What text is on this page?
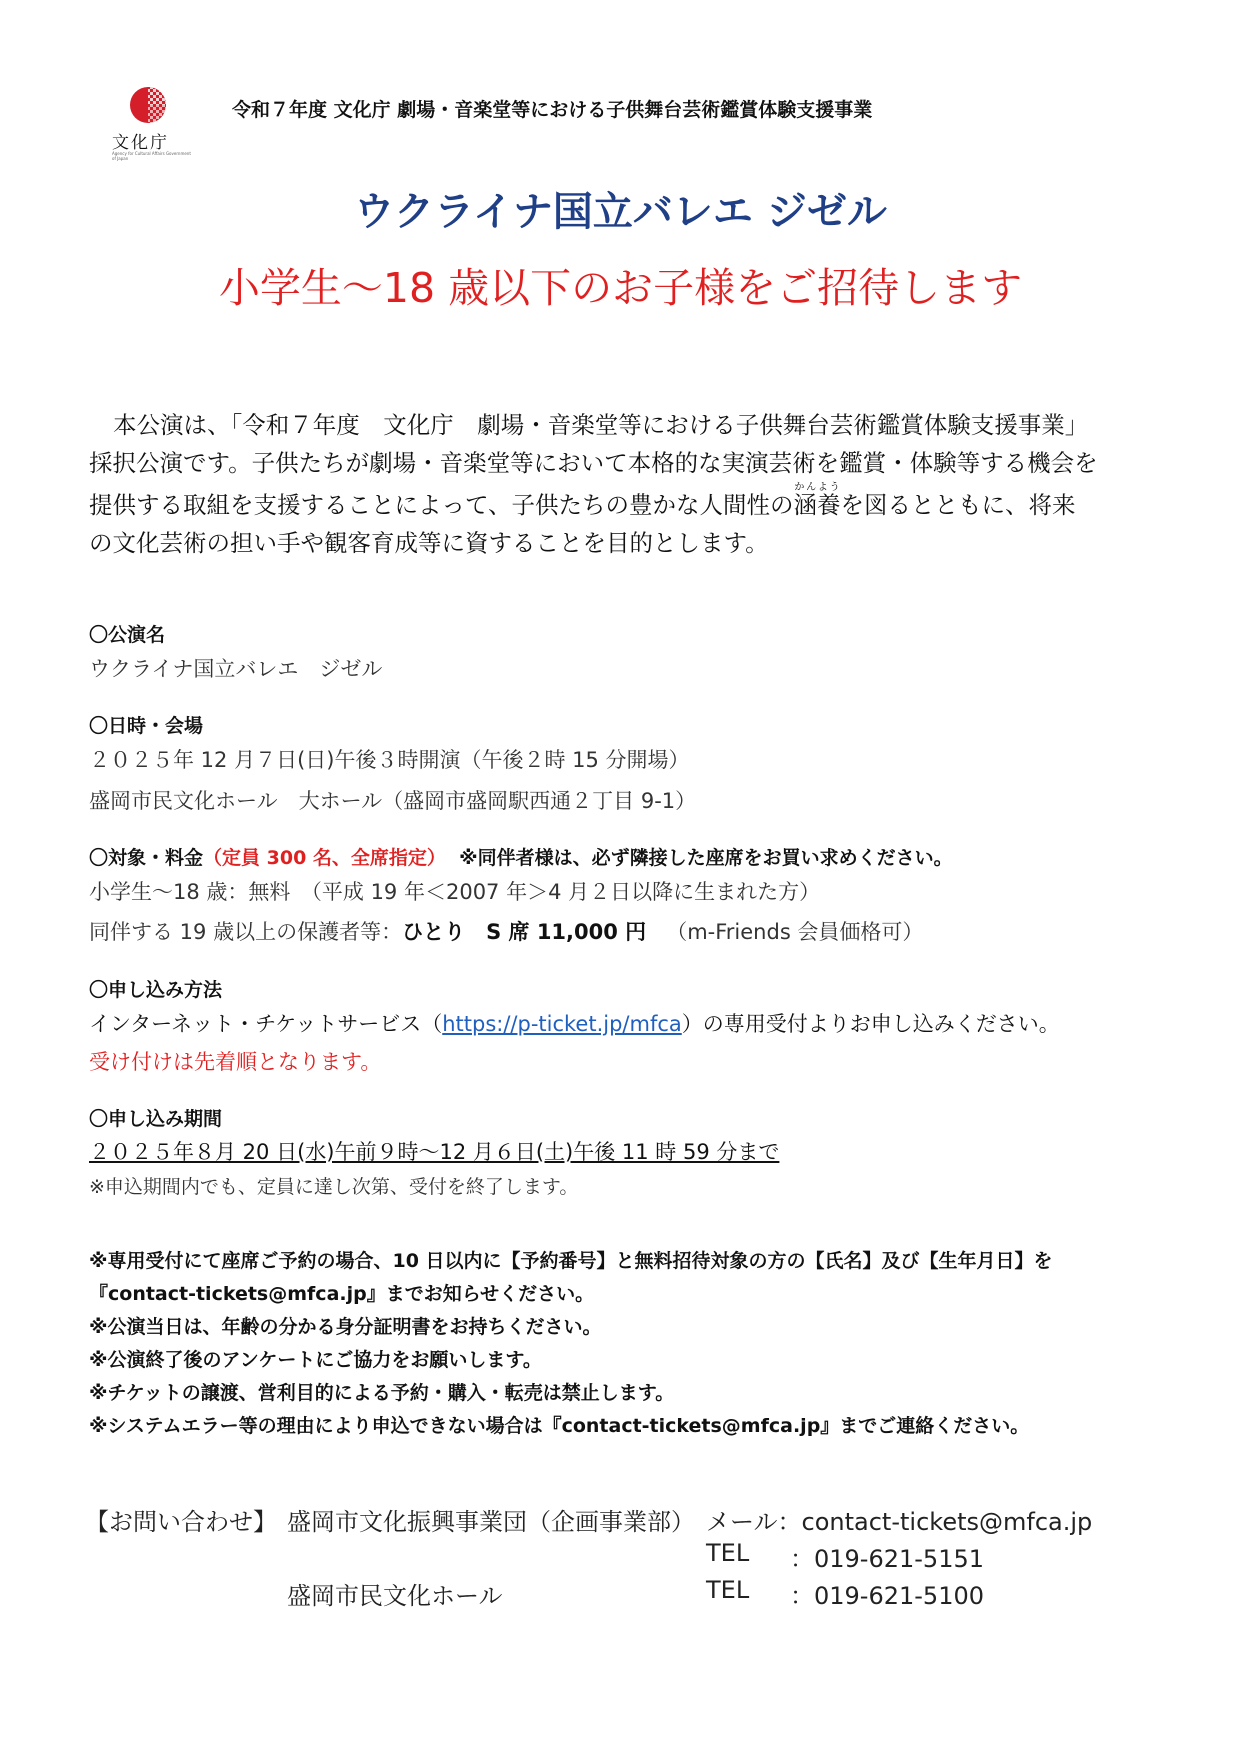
文化庁
Agency for Cultural Affairs Government of Japan
令和７年度 文化庁 劇場・音楽堂等における子供舞台芸術鑑賞体験支援事業
ウクライナ国立バレエ ジゼル
小学生～18 歳以下のお子様をご招待します
本公演は、「令和７年度　文化庁　劇場・音楽堂等における子供舞台芸術鑑賞体験支援事業」
採択公演です。子供たちが劇場・音楽堂等において本格的な実演芸術を鑑賞・体験等する機会を
提供する取組を支援することによって、子供たちの豊かな人間性の涵養かんようを図るとともに、将来
の文化芸術の担い手や観客育成等に資することを目的とします。
〇公演名
ウクライナ国立バレエ　ジゼル
〇日時・会場
２０２５年 12 月７日(日)午後３時開演（午後２時 15 分開場）
盛岡市民文化ホール　大ホール（盛岡市盛岡駅西通２丁目 9-1）
〇対象・料金（定員 300 名、全席指定） ※同伴者様は、必ず隣接した座席をお買い求めください。
小学生～18 歳：無料　（平成 19 年＜2007 年＞4 月２日以降に生まれた方）
同伴する 19 歳以上の保護者等：ひとり　S 席 11,000 円 （m-Friends 会員価格可）
〇申し込み方法
インターネット・チケットサービス（https://p-ticket.jp/mfca）の専用受付よりお申し込みください。
受け付けは先着順となります。
〇申し込み期間
２０２５年８月 20 日(水)午前９時～12 月６日(土)午後 11 時 59 分まで
※申込期間内でも、定員に達し次第、受付を終了します。
※専用受付にて座席ご予約の場合、10 日以内に【予約番号】と無料招待対象の方の【氏名】及び【生年月日】を
『contact-tickets@mfca.jp』までお知らせください。
※公演当日は、年齢の分かる身分証明書をお持ちください。
※公演終了後のアンケートにご協力をお願いします。
※チケットの譲渡、営利目的による予約・購入・転売は禁止します。
※システムエラー等の理由により申込できない場合は『contact-tickets@mfca.jp』までご連絡ください。
【お問い合わせ】 盛岡市文化振興事業団（企画事業部） メール：contact-tickets@mfca.jp
TEL ：019-621-5151
盛岡市民文化ホール	TEL ：019-621-5100
